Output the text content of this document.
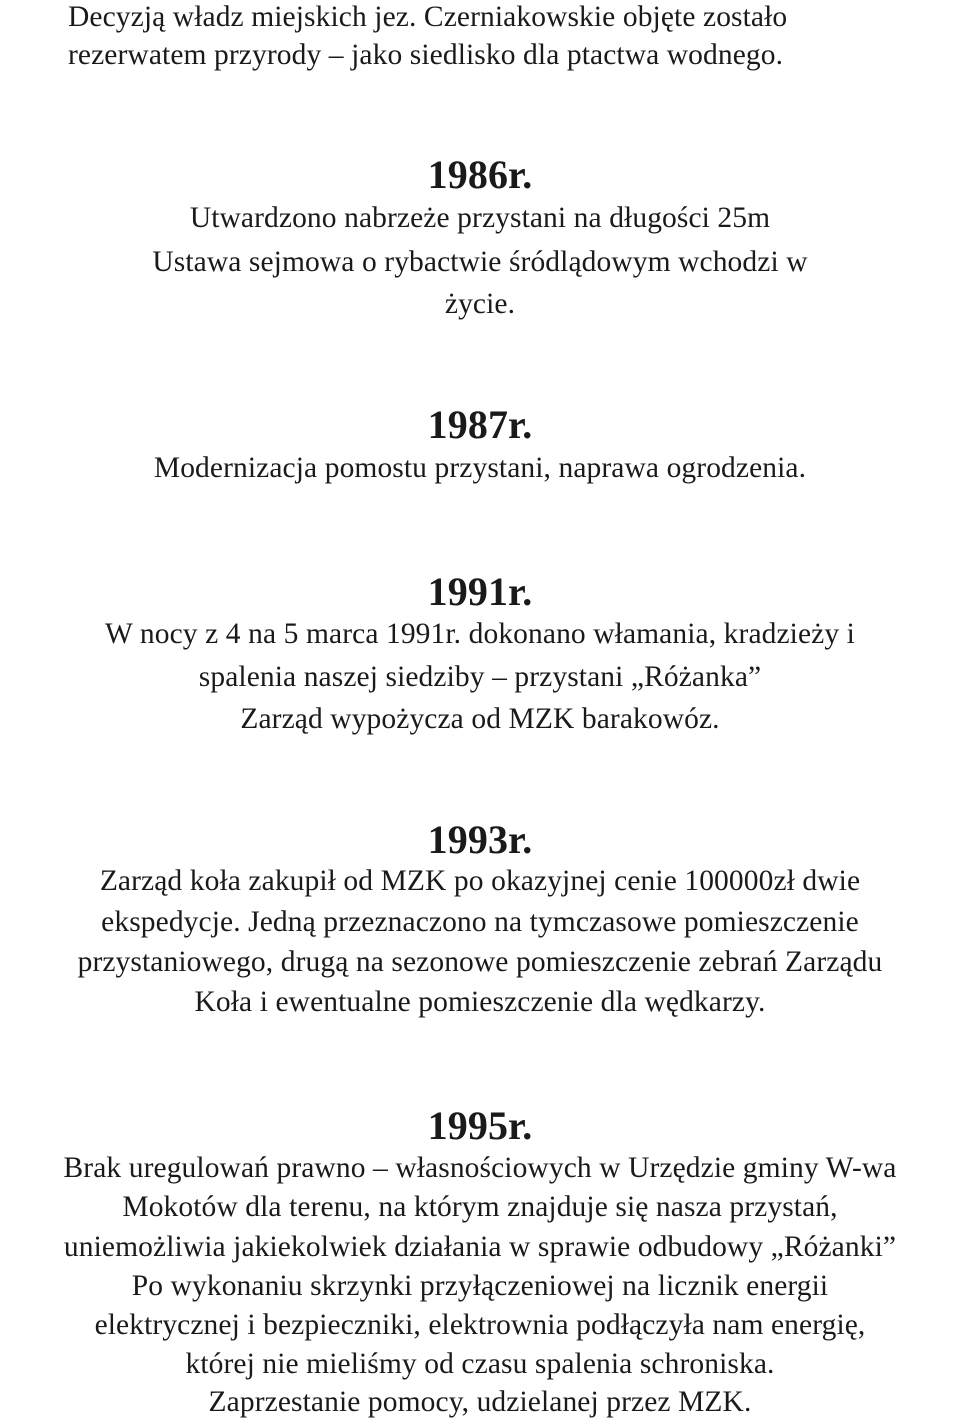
Decyzją władz miejskich jez. Czerniakowskie objęte zostało
rezerwatem przyrody – jako siedlisko dla ptactwa wodnego.
1986r.
Utwardzono nabrzeże przystani na długości 25m
Ustawa sejmowa o rybactwie śródlądowym wchodzi w
życie.
1987r.
Modernizacja pomostu przystani, naprawa ogrodzenia.
1991r.
W nocy z 4 na 5 marca 1991r. dokonano włamania, kradzieży i
spalenia naszej siedziby – przystani „Różanka”
Zarząd wypożycza od MZK barakowóz.
1993r.
Zarząd koła zakupił od MZK po okazyjnej cenie 100000zł dwie
ekspedycje. Jedną przeznaczono na tymczasowe pomieszczenie
przystaniowego, drugą na sezonowe pomieszczenie zebrań Zarządu
Koła i ewentualne pomieszczenie dla wędkarzy.
1995r.
Brak uregulowań prawno – własnościowych w Urzędzie gminy W-wa
Mokotów dla terenu, na którym znajduje się nasza przystań,
uniemożliwia jakiekolwiek działania w sprawie odbudowy „Różanki”
Po wykonaniu skrzynki przyłączeniowej na licznik energii
elektrycznej i bezpieczniki, elektrownia podłączyła nam energię,
której nie mieliśmy od czasu spalenia schroniska.
Zaprzestanie pomocy, udzielanej przez MZK.
